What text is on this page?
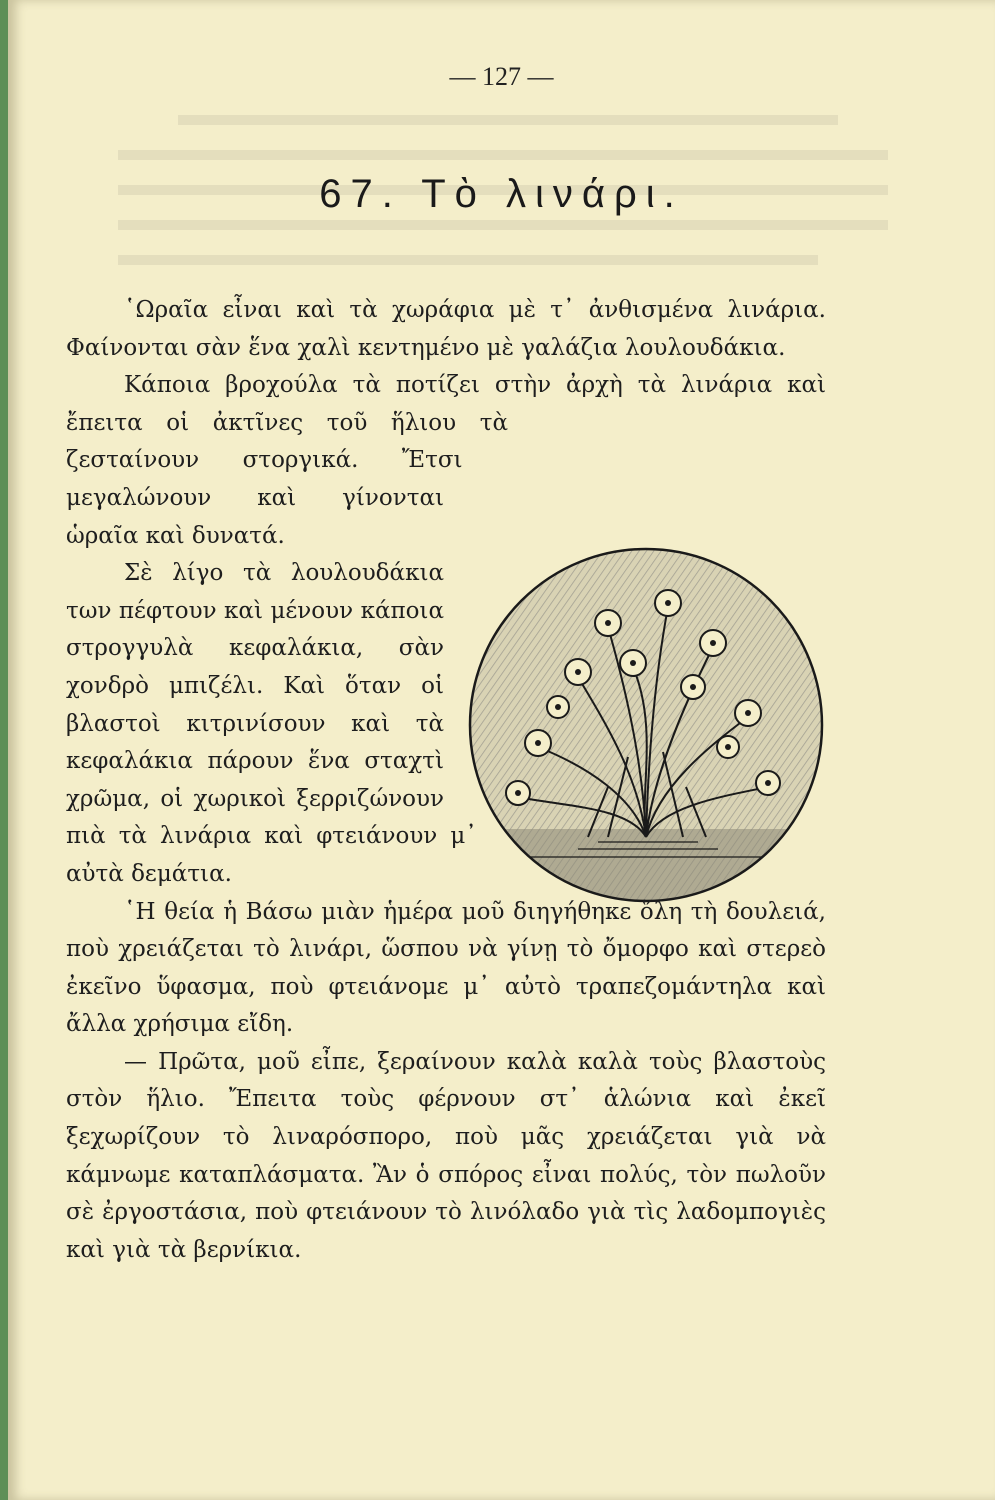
— 127 —
67. Τὸ λινάρι.

῾Ωραῖα εἶναι καὶ τὰ χωράφια μὲ τ᾽ ἀνθισμένα λινάρια. Φαίνονται σὰν ἕνα χαλὶ κεντημένο μὲ γαλάζια λουλουδάκια.

Κάποια βροχούλα τὰ ποτίζει στὴν ἀρχὴ τὰ λινάρια καὶ ἔπειτα οἱ ἀκτῖνες τοῦ ἥλιου τὰ ζεσταίνουν στοργικά. Ἔτσι μεγαλώνουν καὶ γίνονται ὡραῖα καὶ δυνατά.

Σὲ λίγο τὰ λουλουδάκια των πέφτουν καὶ μένουν κάποια στρογγυλὰ κεφαλάκια, σὰν χονδρὸ μπιζέλι. Καὶ ὅταν οἱ βλαστοὶ κιτρινίσουν καὶ τὰ κεφαλάκια πάρουν ἕνα σταχτὶ χρῶμα, οἱ χωρικοὶ ξερριζώνουν πιὰ τὰ λινάρια καὶ φτειάνουν μ᾽ αὐτὰ δεμάτια.

῾Η θεία ἡ Βάσω μιὰν ἡμέρα μοῦ διηγήθηκε ὅλη τὴ δουλειά, ποὺ χρειάζεται τὸ λινάρι, ὥσπου νὰ γίνῃ τὸ ὄμορφο καὶ στερεὸ ἐκεῖνο ὕφασμα, ποὺ φτειάνομε μ᾽ αὐτὸ τραπεζομάντηλα καὶ ἄλλα χρήσιμα εἴδη.

— Πρῶτα, μοῦ εἶπε, ξεραίνουν καλὰ καλὰ τοὺς βλαστοὺς στὸν ἥλιο. Ἔπειτα τοὺς φέρνουν στ᾽ ἁλώνια καὶ ἐκεῖ ξεχωρίζουν τὸ λιναρόσπορο, ποὺ μᾶς χρειάζεται γιὰ νὰ κάμνωμε καταπλάσματα. Ἂν ὁ σπόρος εἶναι πολύς, τὸν πωλοῦν σὲ ἐργοστάσια, ποὺ φτειάνουν τὸ λινόλαδο γιὰ τὶς λαδομπογιὲς καὶ γιὰ τὰ βερνίκια.
